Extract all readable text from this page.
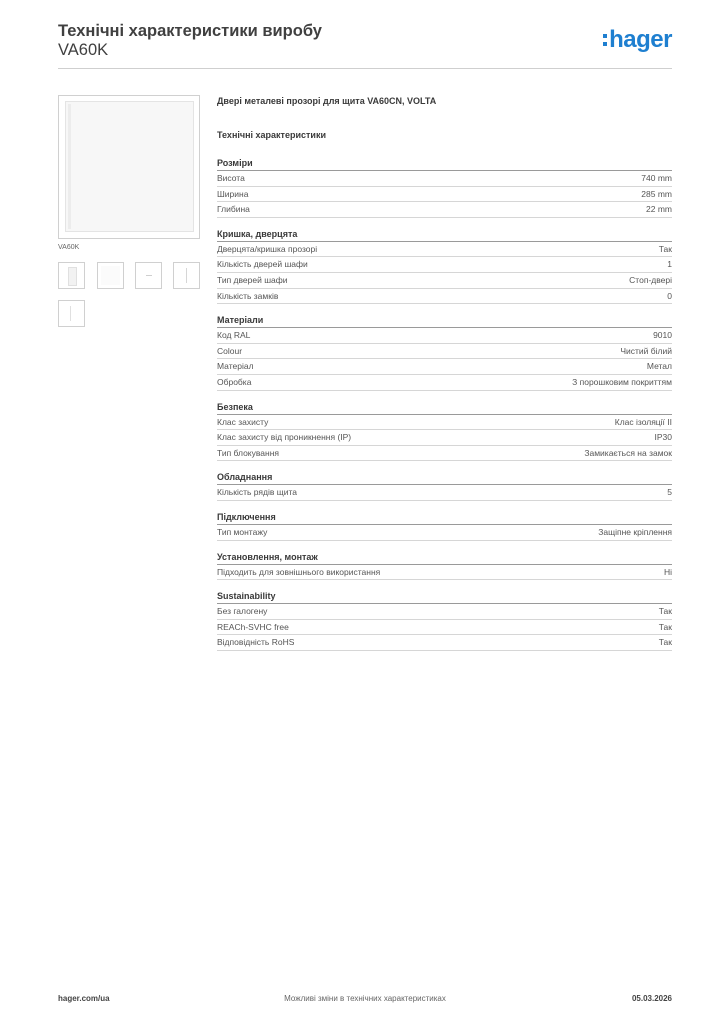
Технічні характеристики виробу
VA60K	hager
VA60K
Двері металеві прозорі для щита VA60CN, VOLTA
Технічні характеристики
Розміри
Висота	740 mm
Ширина	285 mm
Глибина	22 mm
Кришка, дверцята
Дверцята/кришка прозорі	Так
Кількість дверей шафи	1
Тип дверей шафи	Стоп-двері
Кількість замків	0
Матеріали
Код RAL	9010
Colour	Чистий білий
Матеріал	Метал
Обробка	З порошковим покриттям
Безпека
Клас захисту	Клас ізоляції II
Клас захисту від проникнення (IP)	IP30
Тип блокування	Замикається на замок
Обладнання
Кількість рядів щита	5
Підключення
Тип монтажу	Защіпне кріплення
Установлення, монтаж
Підходить для зовнішнього використання	Ні
Sustainability
Без галогену	Так
REACh-SVHC free	Так
Відповідність RoHS	Так
hager.com/ua	Можливі зміни в технічних характеристиках	05.03.2026
